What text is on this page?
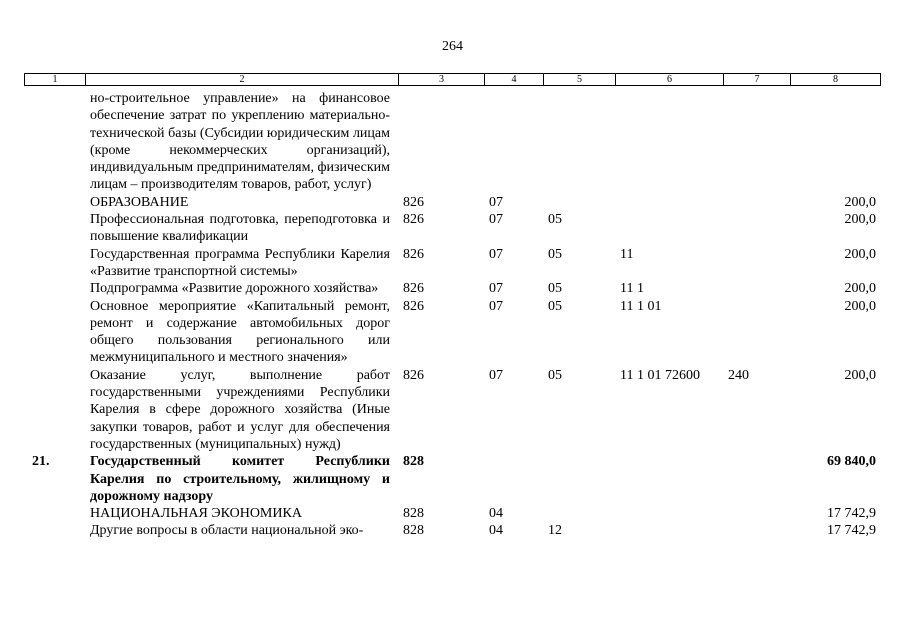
264
1	2	3	4	5	6	7	8
	но-строительное управление» на финансовое обеспечение затрат по укреплению материально-технической базы (Субсидии юридическим лицам (кроме некоммерческих организаций), индивидуальным предпринимателям, физическим лицам – производителям товаров, работ, услуг)						
	ОБРАЗОВАНИЕ	826	07				200,0
	Профессиональная подготовка, переподготовка и повышение квалификации	826	07	05			200,0
	Государственная программа Республики Карелия «Развитие транспортной системы»	826	07	05	11		200,0
	Подпрограмма «Развитие дорожного хозяйства»	826	07	05	11 1		200,0
	Основное мероприятие «Капитальный ремонт, ремонт и содержание автомобильных дорог общего пользования регионального или межмуниципального и местного значения»	826	07	05	11 1 01		200,0
	Оказание услуг, выполнение работ государственными учреждениями Республики Карелия в сфере дорожного хозяйства (Иные закупки товаров, работ и услуг для обеспечения государственных (муниципальных) нужд)	826	07	05	11 1 01 72600	240	200,0
21.	Государственный комитет Республики Карелия по строительному, жилищному и дорожному надзору	828					69 840,0
	НАЦИОНАЛЬНАЯ ЭКОНОМИКА	828	04				17 742,9
	Другие вопросы в области национальной эко-	828	04	12			17 742,9
